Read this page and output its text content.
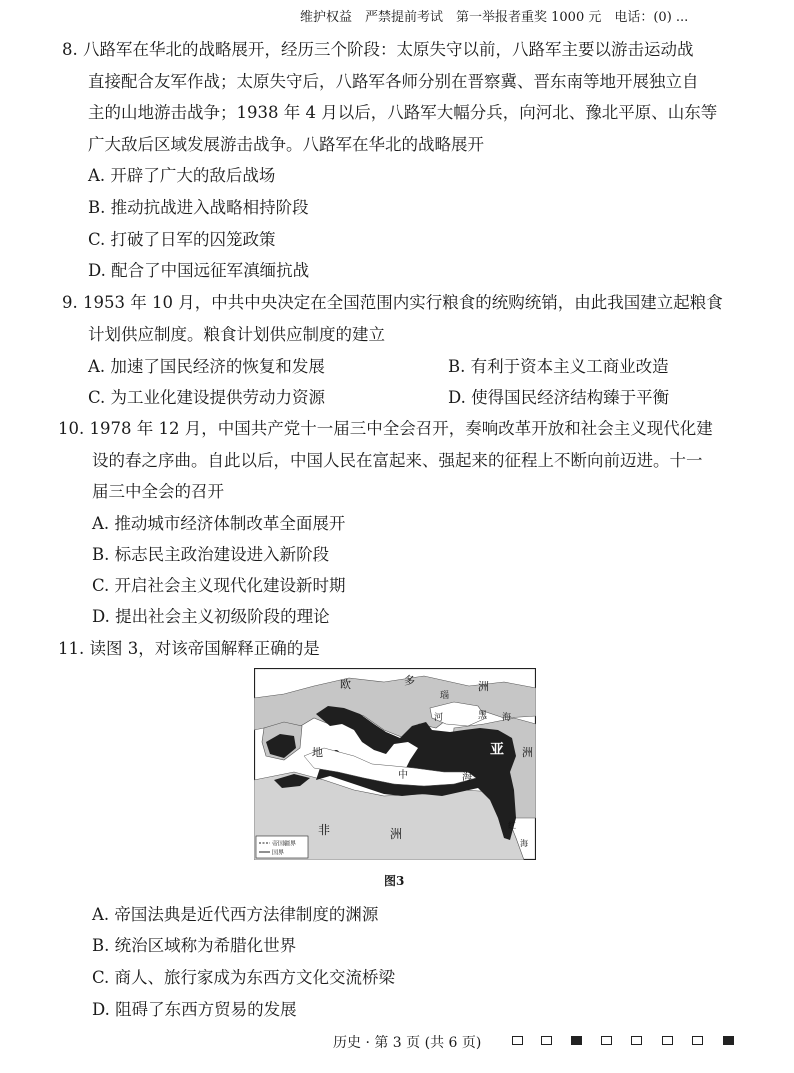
维护权益　严禁提前考试　第一举报者重奖 1000 元　电话：(0) ...
8. 八路军在华北的战略展开，经历三个阶段：太原失守以前，八路军主要以游击运动战
直接配合友军作战；太原失守后，八路军各师分别在晋察冀、晋东南等地开展独立自
主的山地游击战争；1938 年 4 月以后，八路军大幅分兵，向河北、豫北平原、山东等
广大敌后区域发展游击战争。八路军在华北的战略展开
A. 开辟了广大的敌后战场
B. 推动抗战进入战略相持阶段
C. 打破了日军的囚笼政策
D. 配合了中国远征军滇缅抗战
9. 1953 年 10 月，中共中央决定在全国范围内实行粮食的统购统销，由此我国建立起粮食
计划供应制度。粮食计划供应制度的建立
A. 加速了国民经济的恢复和发展	B. 有利于资本主义工商业改造
C. 为工业化建设提供劳动力资源	D. 使得国民经济结构臻于平衡
10. 1978 年 12 月，中国共产党十一届三中全会召开，奏响改革开放和社会主义现代化建
设的春之序曲。自此以后，中国人民在富起来、强起来的征程上不断向前迈进。十一
届三中全会的召开
A. 推动城市经济体制改革全面展开
B. 标志民主政治建设进入新阶段
C. 开启社会主义现代化建设新时期
D. 提出社会主义初级阶段的理论
11. 读图 3，对该帝国解释正确的是
欧	多	洲
瑙
河	黑 海
亚 洲
地
中	海
非	洲
红
海
帝国疆界
国界
图3
A. 帝国法典是近代西方法律制度的渊源
B. 统治区域称为希腊化世界
C. 商人、旅行家成为东西方文化交流桥梁
D. 阻碍了东西方贸易的发展
历史 · 第 3 页 (共 6 页)
